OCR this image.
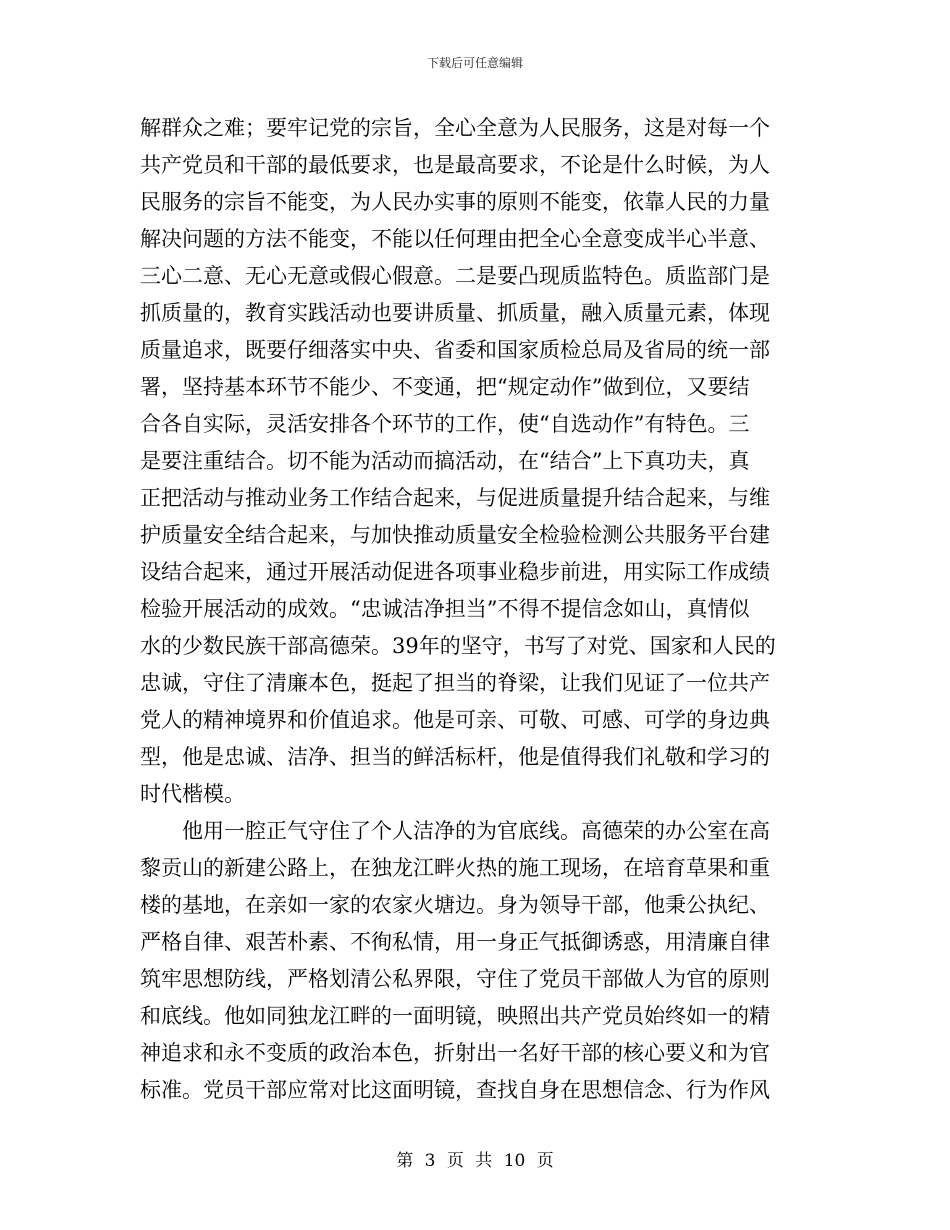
下载后可任意编辑
解群众之难；要牢记党的宗旨，全心全意为人民服务，这是对每一个
共产党员和干部的最低要求，也是最高要求，不论是什么时候，为人
民服务的宗旨不能变，为人民办实事的原则不能变，依靠人民的力量
解决问题的方法不能变，不能以任何理由把全心全意变成半心半意、
三心二意、无心无意或假心假意。二是要凸现质监特色。质监部门是
抓质量的，教育实践活动也要讲质量、抓质量，融入质量元素，体现
质量追求，既要仔细落实中央、省委和国家质检总局及省局的统一部
署，坚持基本环节不能少、不变通，把“规定动作”做到位，又要结
合各自实际，灵活安排各个环节的工作，使“自选动作”有特色。三
是要注重结合。切不能为活动而搞活动，在“结合”上下真功夫，真
正把活动与推动业务工作结合起来，与促进质量提升结合起来，与维
护质量安全结合起来，与加快推动质量安全检验检测公共服务平台建
设结合起来，通过开展活动促进各项事业稳步前进，用实际工作成绩
检验开展活动的成效。“忠诚洁净担当”不得不提信念如山，真情似
水的少数民族干部高德荣。39年的坚守，书写了对党、国家和人民的
忠诚，守住了清廉本色，挺起了担当的脊梁，让我们见证了一位共产
党人的精神境界和价值追求。他是可亲、可敬、可感、可学的身边典
型，他是忠诚、洁净、担当的鲜活标杆，他是值得我们礼敬和学习的
时代楷模。
他用一腔正气守住了个人洁净的为官底线。高德荣的办公室在高
黎贡山的新建公路上，在独龙江畔火热的施工现场，在培育草果和重
楼的基地，在亲如一家的农家火塘边。身为领导干部，他秉公执纪、
严格自律、艰苦朴素、不徇私情，用一身正气抵御诱惑，用清廉自律
筑牢思想防线，严格划清公私界限，守住了党员干部做人为官的原则
和底线。他如同独龙江畔的一面明镜，映照出共产党员始终如一的精
神追求和永不变质的政治本色，折射出一名好干部的核心要义和为官
标准。党员干部应常对比这面明镜，查找自身在思想信念、行为作风
第 3 页 共 10 页
